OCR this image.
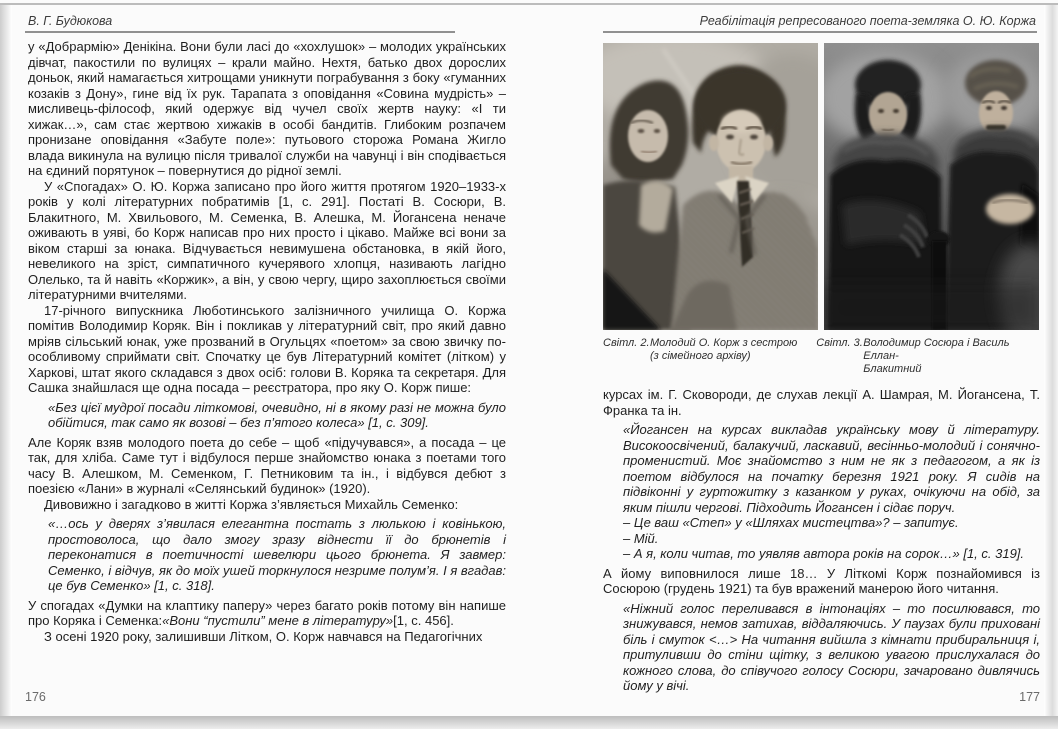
В. Г. Будюкова

у «Добрармію» Денікіна. Вони були ласі до «хохлушок» – молодих українських дівчат, пакостили по вулицях – крали майно. Нехтя, батько двох дорослих доньок, який намагається хитрощами уникнути пограбування з боку «гуманних козаків з Дону», гине від їх рук. Тарапата з оповідання «Совина мудрість» – мисливець-філософ, який одержує від чучел своїх жертв науку: «І ти хижак…», сам стає жертвою хижаків в особі бандитів. Глибоким розпачем пронизане оповідання «Забуте поле»: путьового сторожа Романа Жигло влада викинула на вулицю після тривалої служби на чавунці і він сподівається на єдиний порятунок – повернутися до рідної землі.

У «Спогадах» О. Ю. Коржа записано про його життя протягом 1920–1933-х років у колі літературних побратимів [1, с. 291]. Постаті В. Сосюри, В. Блакитного, М. Хвильового, М. Семенка, В. Алешка, М. Йогансена неначе оживають в уяві, бо Корж написав про них просто і цікаво. Майже всі вони за віком старші за юнака. Відчувається невимушена обстановка, в якій його, невеликого на зріст, симпатичного кучерявого хлопця, називають лагідно Олелько, та й навіть «Коржик», а він, у свою чергу, щиро захоплюється своїми літературними вчителями.

17-річного випускника Люботинського залізничного училища О. Коржа помітив Володимир Коряк. Він і покликав у літературний світ, про який давно мріяв сільський юнак, уже прозваний в Огульцях «поетом» за свою звичку по-особливому сприймати світ. Спочатку це був Літературний комітет (літком) у Харкові, штат якого складався з двох осіб: голови В. Коряка та секретаря. Для Сашка знайшлася ще одна посада – реєстратора, про яку О. Корж пише:

«Без цієї мудрої посади літкомові, очевидно, ні в якому разі не можна було обійтися, так само як возові – без п’ятого колеса» [1, с. 309].

Але Коряк взяв молодого поета до себе – щоб «підучувався», а посада – це так, для хліба. Саме тут і відбулося перше знайомство юнака з поетами того часу В. Алешком, М. Семенком, Г. Петниковим та ін., і відбувся дебют з поезією «Лани» в журналі «Селянський будинок» (1920).

Дивовижно і загадково в житті Коржа з’являється Михайль Семенко:

«…ось у дверях з’явилася елегантна постать з люлькою і ковінькою, простоволоса, що дало змогу зразу віднести її до брюнетів і переконатися в поетичності шевелюри цього брюнета. Я завмер: Семенко, і відчув, як до моїх ушей торкнулося незриме полум’я. І я вгадав: це був Семенко» [1, с. 318].

У спогадах «Думки на клаптику паперу» через багато років потому він напише про Коряка і Семенка:«Вони “пустили” мене в літературу»[1, с. 456].

З осені 1920 року, залишивши Літком, О. Корж навчався на Педагогічних

Реабілітація репресованого поета-земляка О. Ю. Коржа
Світл. 2. Молодий О. Корж з сестрою
(з сімейного архіву)
Світл. 3. Володимир Сосюра і Василь Еллан-
Блакитний

курсах ім. Г. Сковороди, де слухав лекції А. Шамрая, М. Йогансена, Т. Франка та ін.

«Йогансен на курсах викладав українську мову й літературу. Високоосвічений, балакучий, ласкавий, весінньо-молодий і сонячно-променистий. Моє знайомство з ним не як з педагогом, а як із поетом відбулося на початку березня 1921 року. Я сидів на підвіконні у гуртожитку з казанком у руках, очікуючи на обід, за яким пішли чергові. Підходить Йогансен і сідає поруч.

– Це ваш «Степ» у «Шляхах мистецтва»? – запитує.

– Мій.

– А я, коли читав, то уявляв автора років на сорок…» [1, с. 319].

А йому виповнилося лише 18… У Літкомі Корж познайомився із Сосюрою (грудень 1921) та був вражений манерою його читання.

«Ніжний голос переливався в інтонаціях – то посилювався, то знижувався, немов затихав, віддаляючись. У паузах були приховані біль і смуток <…> На читання вийшла з кімнати прибиральниця і, притуливши до стіни щітку, з великою увагою прислухалася до кожного слова, до співучого голосу Сосюри, зачаровано дивлячись йому у вічі.

176	177
